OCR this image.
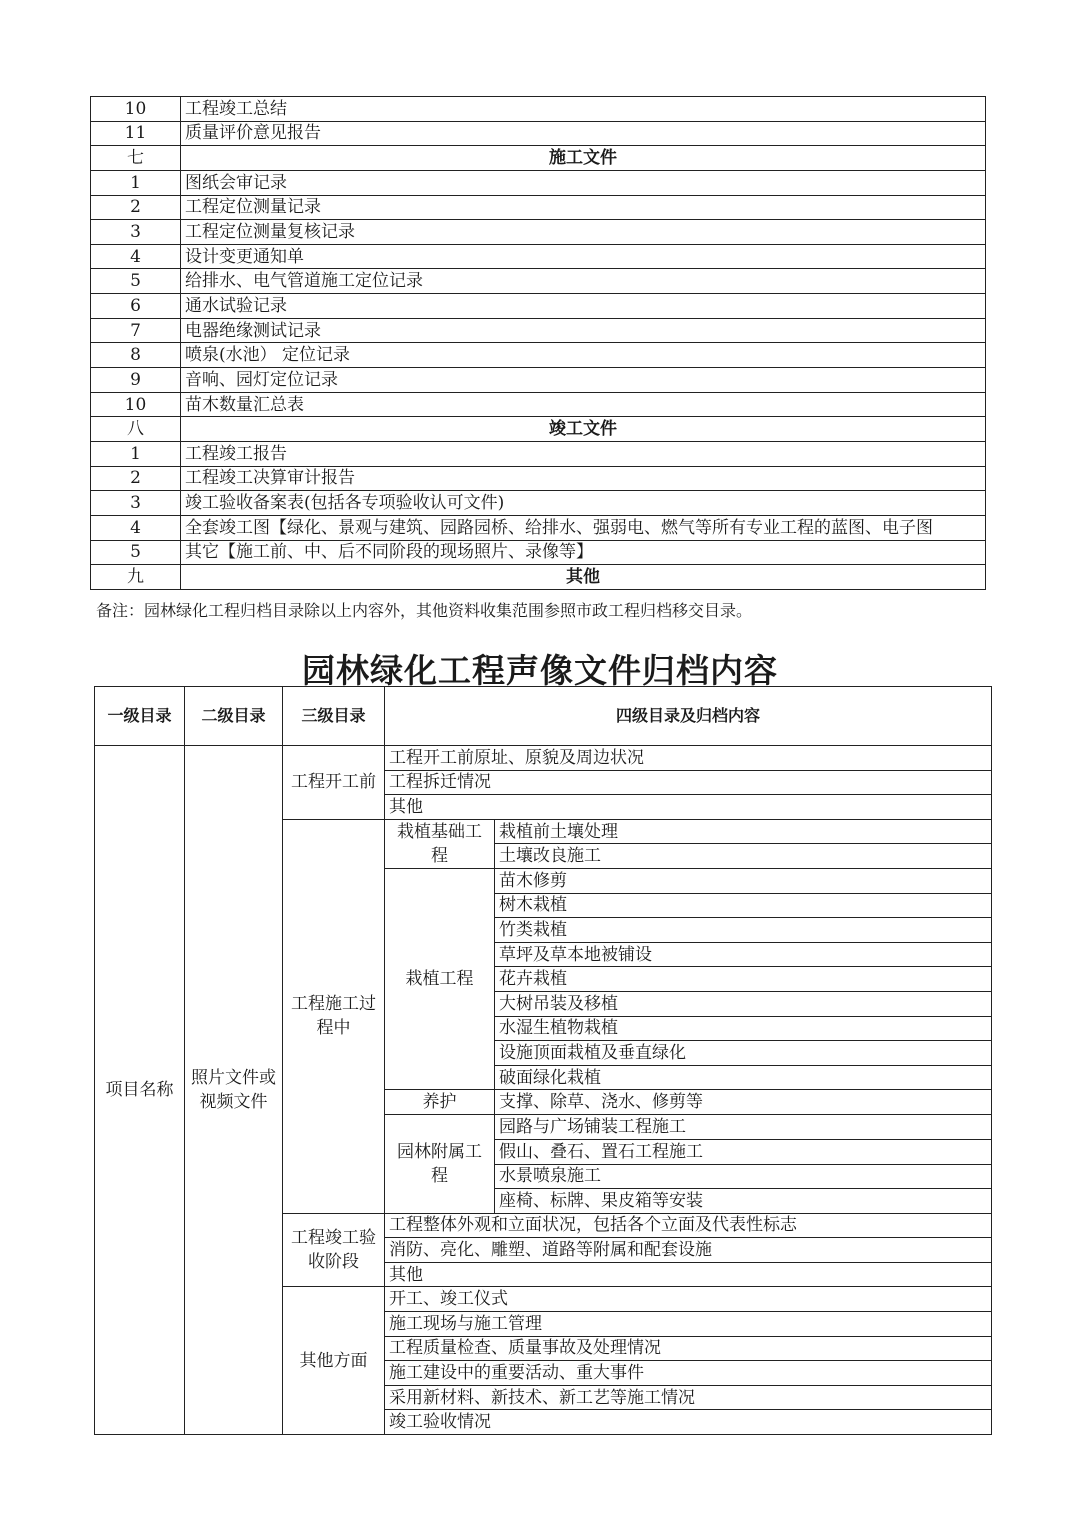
10	工程竣工总结
11	质量评价意见报告
七	施工文件
1	图纸会审记录
2	工程定位测量记录
3	工程定位测量复核记录
4	设计变更通知单
5	给排水、电气管道施工定位记录
6	通水试验记录
7	电器绝缘测试记录
8	喷泉(水池） 定位记录
9	音响、园灯定位记录
10	苗木数量汇总表
八	竣工文件
1	工程竣工报告
2	工程竣工决算审计报告
3	竣工验收备案表(包括各专项验收认可文件)
4	全套竣工图【绿化、景观与建筑、园路园桥、给排水、强弱电、燃气等所有专业工程的蓝图、电子图
5	其它【施工前、中、后不同阶段的现场照片、录像等】
九	其他
备注：园林绿化工程归档目录除以上内容外，其他资料收集范围参照市政工程归档移交目录。
园林绿化工程声像文件归档内容
一级目录	二级目录	三级目录	四级目录及归档内容	
项目名称	照片文件或视频文件	工程开工前	工程开工前原址、原貌及周边状况	
			工程拆迁情况	
			其他	
		工程施工过程中	栽植基础工程	栽植前土壤处理
				土壤改良施工
			栽植工程	苗木修剪
				树木栽植
				竹类栽植
				草坪及草本地被铺设
				花卉栽植
				大树吊装及移植
				水湿生植物栽植
				设施顶面栽植及垂直绿化
				破面绿化栽植
			养护	支撑、除草、浇水、修剪等
			园林附属工程	园路与广场铺装工程施工
				假山、叠石、置石工程施工
				水景喷泉施工
				座椅、标牌、果皮箱等安装
		工程竣工验收阶段	工程整体外观和立面状况，包括各个立面及代表性标志	
			消防、亮化、雕塑、道路等附属和配套设施	
			其他	
		其他方面	开工、竣工仪式	
			施工现场与施工管理	
			工程质量检查、质量事故及处理情况	
			施工建设中的重要活动、重大事件	
			采用新材料、新技术、新工艺等施工情况	
			竣工验收情况	
